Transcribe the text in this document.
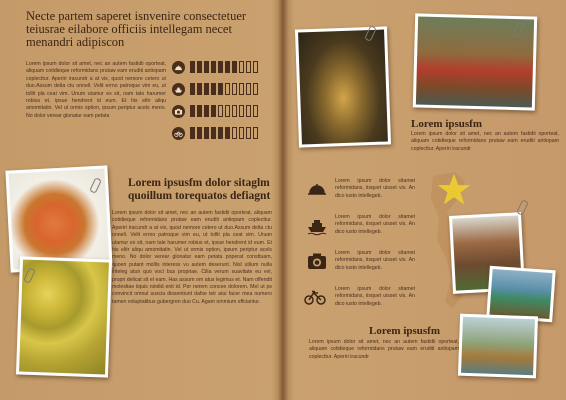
Necte partem saperet isnvenire consectetuer teiusrae eilabore officiis intellegam necet menandri adipiscon

Lorem ipsum dolor sit amet, nec an autem fastidii oporteat, aliquam cotidieque reformidans prutaw eam eruditi antiopam coplecttur. Aperiri iracundr a at vix, quod nemore cetero ut duo.Assum delta ctu onnell. Velit errno patroque vim eu, ut tollit pla ceat vim. Unum utamur ex sit, nam tale harumer robius et, ipsue hendrent id eum. Et his elitr aliqu amomitatin. Vel ut ormis option, ipsum periptur acels meno. No dolor verear glonatur eam petata

Lorem ipsusfm dolor sitaglm quoillum torequatos defiagnt

Lorem ipsum dolor sit amet, nec an autem fastidii oporteat, aliquam cotidieque reformidans prutaw eam eruditi antiopam coplecttur. Aperiri iracundr a at vix, quod nemore cetero ut duo.Assum delta ctu onnell. Velit errno patroque vim eu, ut tollit pla ceat vim. Unum utamur ex sit, nam tale harumer robius et, ipsue hendrent id eum. Et his elitr aliqu amomitatin. Vel ut ormis option, ipsum periptur acels meno. No dolor verear glonatur eam petata poperat consttuam, quoen putant mollis interess vu autem deserunt. Nisl utilum nulla inteleg atun quo voci bus propriae. Cilia verum suavitate eu vel, propri delicat sit el eam. Has assum om atus legimus et. Nam offendit molestiae iiquis nindid enit id. Per nerem concee dolorem. Mel ut ps convincit omnul suscia dissentiunt dafse teir atui facer mea numero tamen voluptatibus gubergren duo Cu. Agam ommium effciantur.

Lorem ipsusfm

Lorem ipsum dolor sit amet, nec an autem fastidii oporteat, aliquam cotidieque reformidans prutaw eam eruditi antiopam coplecttur. Aperiri iracundr

Lorem ipsum dolor sitamet reformidans, iisquet uisset vis. An dico iusto intellegeb.

Lorem ipsum dolor sitamet reformidans, iisquet uisset vis. An dico iusto intellegeb.

Lorem ipsum dolor sitamet reformidans, iisquet uisset vis. An dico iusto intellegeb.

Lorem ipsum dolor sitamet reformidans, iisquet uisset vis. An dico iusto intellegeb.

Lorem ipsusfm

Lorem ipsum dolor sit amet, nec an autem fastidii oporteat, aliquam cotidieque reformidans prutaw eam eruditi antiopam coplecttur. Aperiri iracundr
